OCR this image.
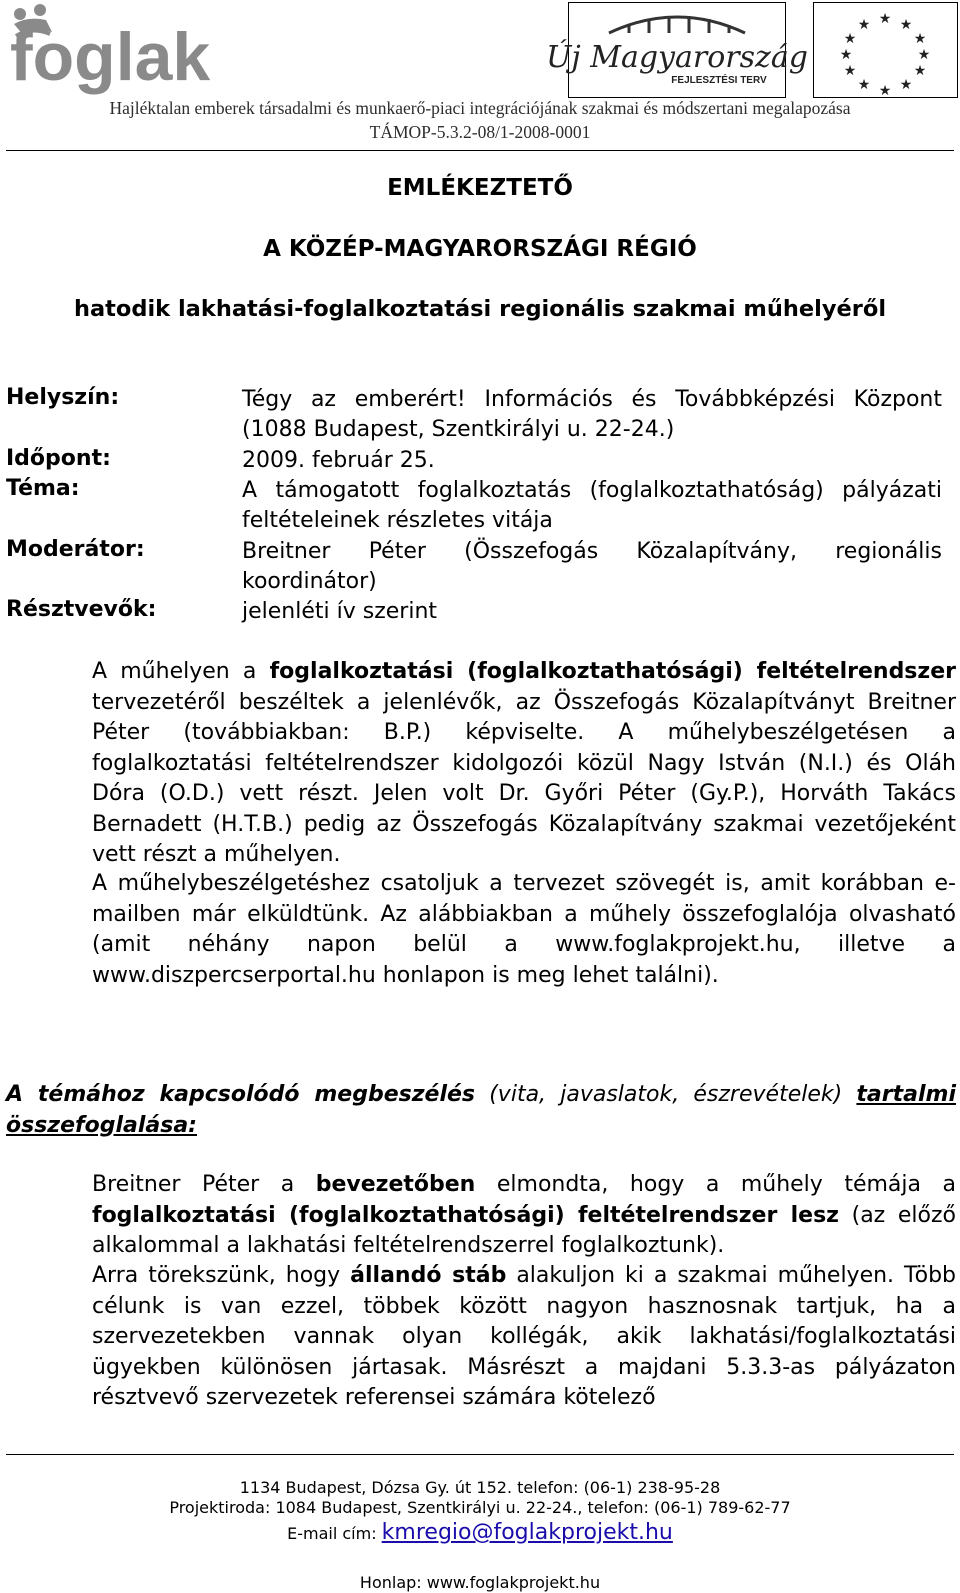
foglak	Új Magyarország
FEJLESZTÉSI TERV
★ ★
★
★
★
★
★
★
★
★
★
★
Hajléktalan emberek társadalmi és munkaerő-piaci integrációjának szakmai és módszertani megalapozása
TÁMOP-5.3.2-08/1-2008-0001
EMLÉKEZTETŐ
A KÖZÉP-MAGYARORSZÁGI RÉGIÓ
hatodik lakhatási-foglalkoztatási regionális szakmai műhelyéről
Helyszín:	Tégy az emberért! Információs és Továbbképzési Központ (1088 Budapest, Szentkirályi u. 22-24.)
Időpont:	2009. február 25.
Téma:	A támogatott foglalkoztatás (foglalkoztathatóság) pályázati feltételeinek részletes vitája
Moderátor:	Breitner Péter (Összefogás Közalapítvány, regionális koordinátor)
Résztvevők:	jelenléti ív szerint
A műhelyen a foglalkoztatási (foglalkoztathatósági) feltételrendszer tervezetéről beszéltek a jelenlévők, az Összefogás Közalapítványt Breitner Péter (továbbiakban: B.P.) képviselte. A műhelybeszélgetésen a foglalkoztatási feltételrendszer kidolgozói közül Nagy István (N.I.) és Oláh Dóra (O.D.) vett részt. Jelen volt Dr. Győri Péter (Gy.P.), Horváth Takács Bernadett (H.T.B.) pedig az Összefogás Közalapítvány szakmai vezetőjeként vett részt a műhelyen.
A műhelybeszélgetéshez csatoljuk a tervezet szövegét is, amit korábban e-mailben már elküldtünk. Az alábbiakban a műhely összefoglalója olvasható (amit néhány napon belül a www.foglakprojekt.hu, illetve a www.diszpercserportal.hu honlapon is meg lehet találni).
A témához kapcsolódó megbeszélés (vita, javaslatok, észrevételek) tartalmi összefoglalása:
Breitner Péter a bevezetőben elmondta, hogy a műhely témája a foglalkoztatási (foglalkoztathatósági) feltételrendszer lesz (az előző alkalommal a lakhatási feltételrendszerrel foglalkoztunk).
Arra törekszünk, hogy állandó stáb alakuljon ki a szakmai műhelyen. Több célunk is van ezzel, többek között nagyon hasznosnak tartjuk, ha a szervezetekben vannak olyan kollégák, akik lakhatási/foglalkoztatási ügyekben különösen jártasak. Másrészt a majdani 5.3.3-as pályázaton résztvevő szervezetek referensei számára kötelező
1134 Budapest, Dózsa Gy. út 152. telefon: (06-1) 238-95-28
Projektiroda: 1084 Budapest, Szentkirályi u. 22-24., telefon: (06-1) 789-62-77
E-mail cím: kmregio@foglakprojekt.hu
Honlap: www.foglakprojekt.hu
